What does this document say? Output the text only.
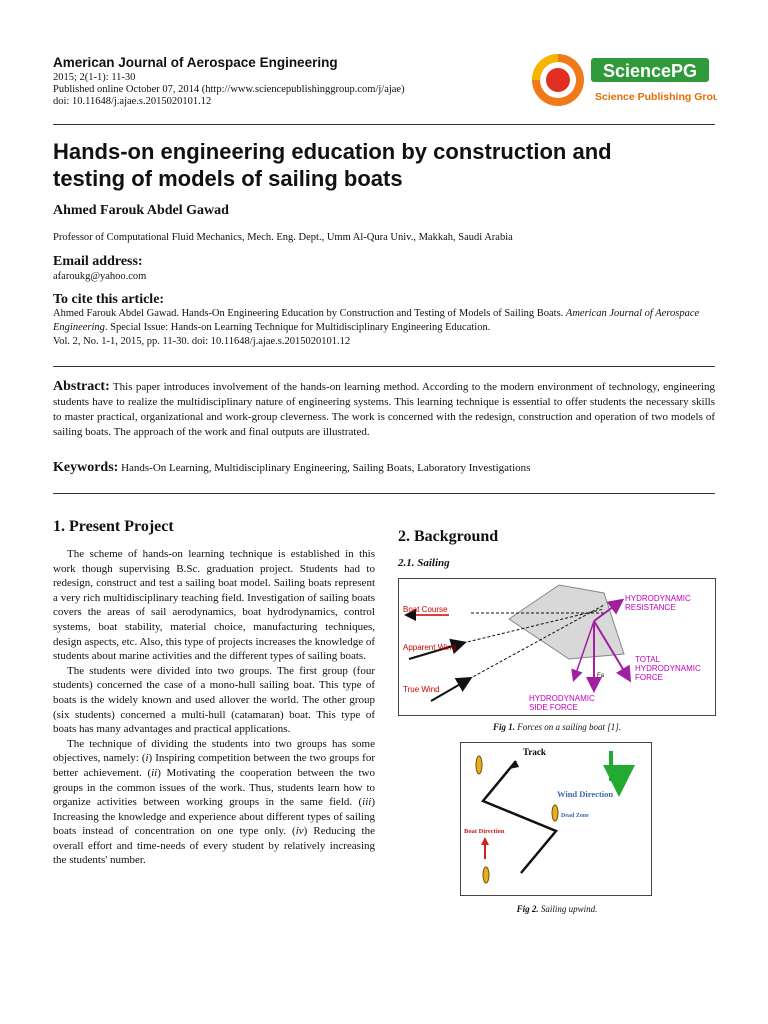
American Journal of Aerospace Engineering
2015; 2(1-1): 11-30
Published online October 07, 2014 (http://www.sciencepublishinggroup.com/j/ajae)
doi: 10.11648/j.ajae.s.2015020101.12
SciencePG
Science Publishing Group
Hands-on engineering education by construction and
testing of models of sailing boats
Ahmed Farouk Abdel Gawad
Professor of Computational Fluid Mechanics, Mech. Eng. Dept., Umm Al-Qura Univ., Makkah, Saudi Arabia
Email address:
afaroukg@yahoo.com
To cite this article:
Ahmed Farouk Abdel Gawad. Hands-On Engineering Education by Construction and Testing of Models of Sailing Boats. American Journal of Aerospace Engineering. Special Issue: Hands-on Learning Technique for Multidisciplinary Engineering Education.
Vol. 2, No. 1-1, 2015, pp. 11-30. doi: 10.11648/j.ajae.s.2015020101.12
Abstract: This paper introduces involvement of the hands-on learning method. According to the modern environment of technology, engineering students have to realize the multidisciplinary nature of engineering systems. This learning technique is essential to offer students the necessary skills to master practical, organizational and work-group cleverness. The work is concerned with the redesign, construction and operation of two models of sailing boats. The approach of the work and final outputs are illustrated.
Keywords: Hands-On Learning, Multidisciplinary Engineering, Sailing Boats, Laboratory Investigations
1. Present Project

The scheme of hands-on learning technique is established in this work though supervising B.Sc. graduation project. Students had to redesign, construct and test a sailing boat model. Sailing boats represent a very rich multidisciplinary teaching field. Investigation of sailing boats covers the areas of sail aerodynamics, boat hydrodynamics, control systems, boat stability, material choice, manufacturing techniques, design aspects, etc. Also, this type of projects increases the knowledge of students about marine activities and the different types of sailing boats.

The students were divided into two groups. The first group (four students) concerned the case of a mono-hull sailing boat. This type of boats is the widely known and used allover the world. The other group (six students) concerned a multi-hull (catamaran) boat. This type of boats has many advantages and practical applications.

The technique of dividing the students into two groups has some objectives, namely: (i) Inspiring competition between the two groups for better achievement. (ii) Motivating the cooperation between the two groups in the common issues of the work. Thus, students learn how to organize activities between working groups in the same field. (iii) Increasing the knowledge and experience about different types of sailing boats instead of concentration on one type only. (iv) Reducing the overall effort and time-needs of every student by relatively increasing the students' number.

2. Background
2.1. Sailing
Boat Course
Apparent Wind
True Wind
HYDRODYNAMIC
RESISTANCE
TOTAL
HYDRODYNAMIC
FORCE
HYDRODYNAMIC
SIDE FORCE
Fa
Fig 1. Forces on a sailing boat [1].
Track
Wind Direction
Dead Zone
Boat Direction
Fig 2. Sailing upwind.
